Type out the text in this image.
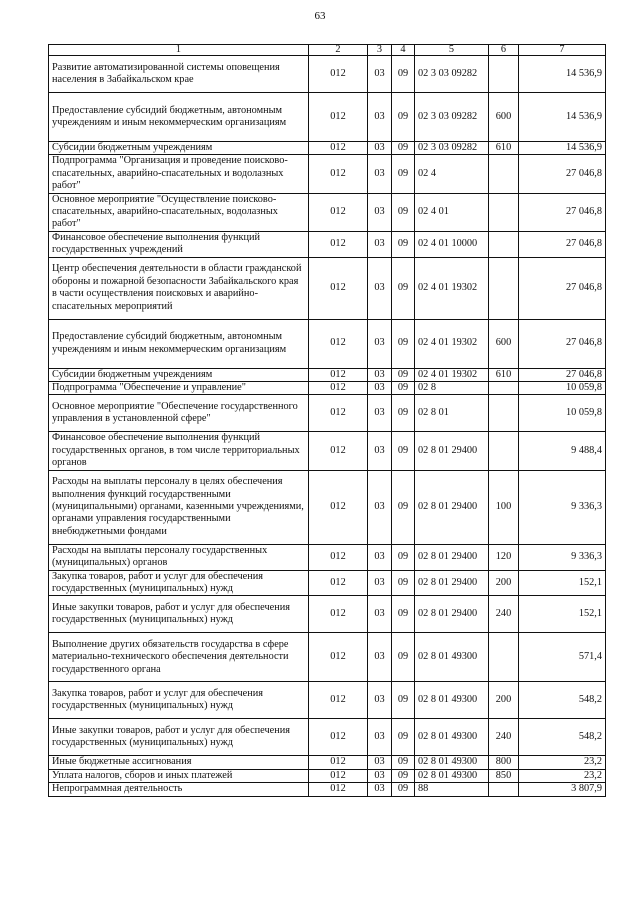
63
1	2	3	4	5	6	7
Развитие автоматизированной системы оповещения населения в Забайкальском крае	012	03	09	02 3 03 09282		14 536,9
Предоставление субсидий бюджетным, автономным учреждениям и иным некоммерческим организациям	012	03	09	02 3 03 09282	600	14 536,9
Субсидии бюджетным учреждениям	012	03	09	02 3 03 09282	610	14 536,9
Подпрограмма "Организация и проведение поисково-спасательных, аварийно-спасательных и водолазных работ"	012	03	09	02 4		27 046,8
Основное мероприятие "Осуществление поисково-спасательных, аварийно-спасательных, водолазных работ"	012	03	09	02 4 01		27 046,8
Финансовое обеспечение выполнения функций государственных учреждений	012	03	09	02 4 01 10000		27 046,8
Центр обеспечения деятельности в области гражданской обороны и пожарной безопасности Забайкальского края в части осуществления поисковых и аварийно-спасательных мероприятий	012	03	09	02 4 01 19302		27 046,8
Предоставление субсидий бюджетным, автономным учреждениям и иным некоммерческим организациям	012	03	09	02 4 01 19302	600	27 046,8
Субсидии бюджетным учреждениям	012	03	09	02 4 01 19302	610	27 046,8
Подпрограмма "Обеспечение и управление"	012	03	09	02 8		10 059,8
Основное мероприятие "Обеспечение государственного управления в установленной сфере"	012	03	09	02 8 01		10 059,8
Финансовое обеспечение выполнения функций государственных органов, в том числе территориальных органов	012	03	09	02 8 01 29400		9 488,4
Расходы на выплаты персоналу в целях обеспечения выполнения функций государственными (муниципальными) органами, казенными учреждениями, органами управления государственными внебюджетными фондами	012	03	09	02 8 01 29400	100	9 336,3
Расходы на выплаты персоналу государственных (муниципальных) органов	012	03	09	02 8 01 29400	120	9 336,3
Закупка товаров, работ и услуг для обеспечения государственных (муниципальных) нужд	012	03	09	02 8 01 29400	200	152,1
Иные закупки товаров, работ и услуг для обеспечения государственных (муниципальных) нужд	012	03	09	02 8 01 29400	240	152,1
Выполнение других обязательств государства в сфере материально-технического обеспечения деятельности государственного органа	012	03	09	02 8 01 49300		571,4
Закупка товаров, работ и услуг для обеспечения государственных (муниципальных) нужд	012	03	09	02 8 01 49300	200	548,2
Иные закупки товаров, работ и услуг для обеспечения государственных (муниципальных) нужд	012	03	09	02 8 01 49300	240	548,2
Иные бюджетные ассигнования	012	03	09	02 8 01 49300	800	23,2
Уплата налогов, сборов и иных платежей	012	03	09	02 8 01 49300	850	23,2
Непрограммная деятельность	012	03	09	88		3 807,9
